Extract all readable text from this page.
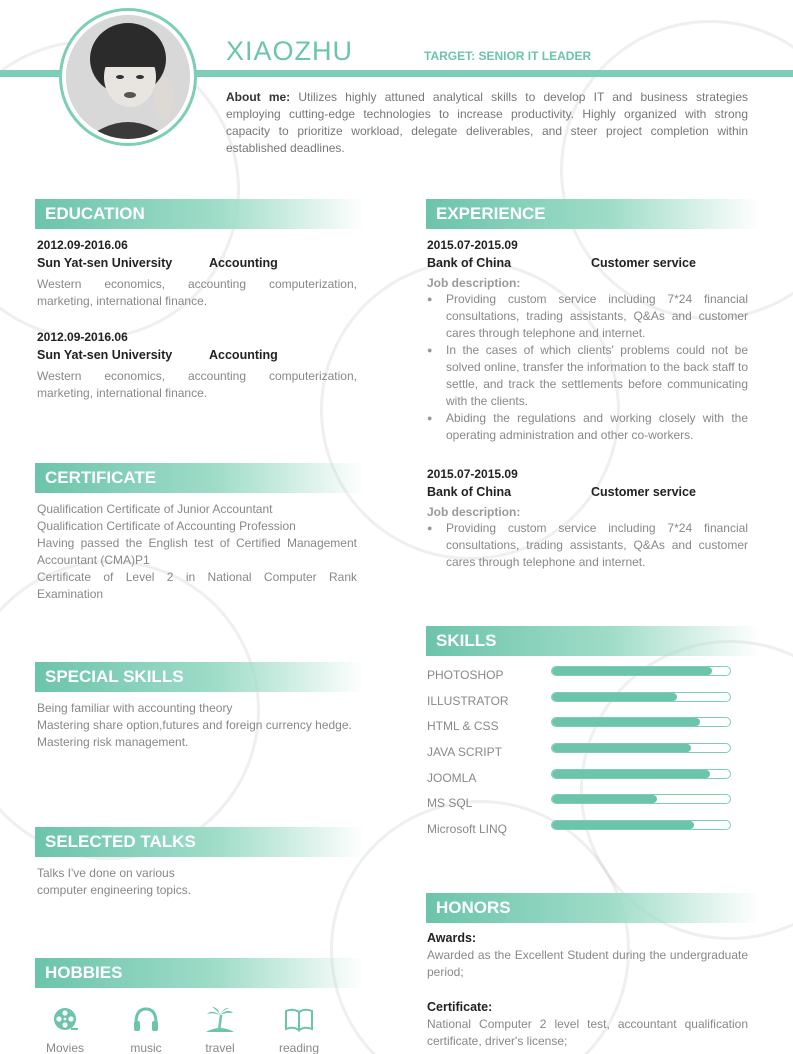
XIAOZHU	TARGET: SENIOR IT LEADER
About me: Utilizes highly attuned analytical skills to develop IT and business strategies employing cutting-edge technologies to increase productivity. Highly organized with strong capacity to prioritize workload, delegate deliverables, and steer project completion within established deadlines.
EDUCATION
2012.09-2016.06
Sun Yat-sen University	Accounting
Western economics, accounting computerization, marketing, international finance.
2012.09-2016.06
Sun Yat-sen University	Accounting
Western economics, accounting computerization, marketing, international finance.
CERTIFICATE
Qualification Certificate of Junior Accountant
Qualification Certificate of Accounting Profession
Having passed the English test of Certified Management Accountant (CMA)P1
Certificate of Level 2 in National Computer Rank Examination
SPECIAL SKILLS
Being familiar with accounting theory
Mastering share option,futures and foreign currency hedge.
Mastering risk management.
SELECTED TALKS
Talks I've done on various computer engineering topics.
HOBBIES
Movies	music	travel	reading
EXPERIENCE
2015.07-2015.09
Bank of China	Customer service
Job description:
● Providing custom service including 7*24 financial consultations, trading assistants, Q&As and customer cares through telephone and internet.
● In the cases of which clients' problems could not be solved online, transfer the information to the back staff to settle, and track the settlements before communicating with the clients.
● Abiding the regulations and working closely with the operating administration and other co-workers.
2015.07-2015.09
Bank of China	Customer service
Job description:
● Providing custom service including 7*24 financial consultations, trading assistants, Q&As and customer cares through telephone and internet.
SKILLS
PHOTOSHOP
ILLUSTRATOR
HTML & CSS
JAVA SCRIPT
JOOMLA
MS SQL
Microsoft LINQ
HONORS
Awards:
Awarded as the Excellent Student during the undergraduate period;
Certificate:
National Computer 2 level test, accountant qualification certificate, driver's license;
